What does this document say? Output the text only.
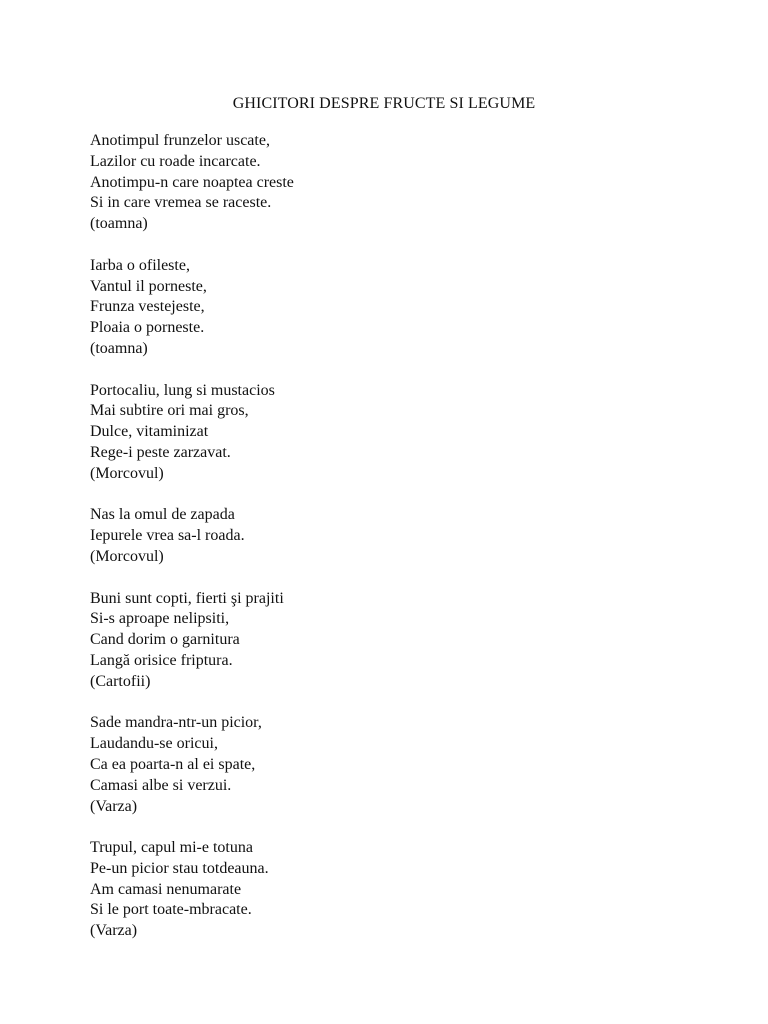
GHICITORI DESPRE FRUCTE SI LEGUME
Anotimpul frunzelor uscate,
Lazilor cu roade incarcate.
Anotimpu-n care noaptea creste
Si in care vremea se raceste.
(toamna)
Iarba o ofileste,
Vantul il porneste,
Frunza vestejeste,
Ploaia o porneste.
(toamna)
Portocaliu, lung si mustacios
Mai subtire ori mai gros,
Dulce, vitaminizat
Rege-i peste zarzavat.
(Morcovul)
Nas la omul de zapada
Iepurele vrea sa-l roada.
(Morcovul)
Buni sunt copti, fierti şi prajiti
Si-s aproape nelipsiti,
Cand dorim o garnitura
Langă orisice friptura.
(Cartofii)
Sade mandra-ntr-un picior,
Laudandu-se oricui,
Ca ea poarta-n al ei spate,
Camasi albe si verzui.
(Varza)
Trupul, capul mi-e totuna
Pe-un picior stau totdeauna.
Am camasi nenumarate
Si le port toate-mbracate.
(Varza)
